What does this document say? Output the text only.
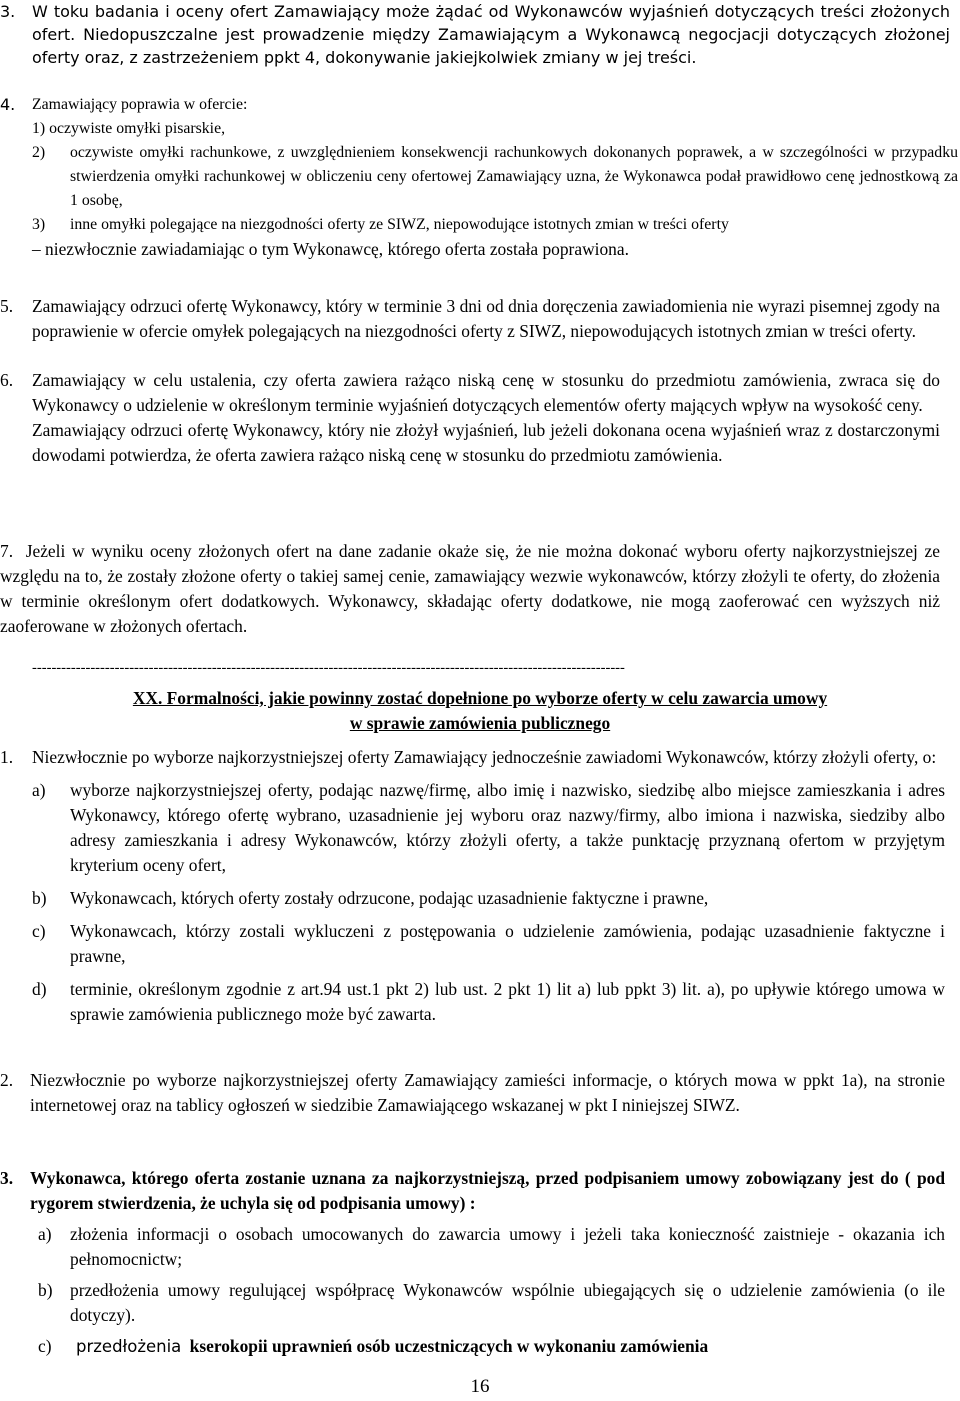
3. W toku badania i oceny ofert Zamawiający może żądać od Wykonawców wyjaśnień dotyczących treści złożonych ofert. Niedopuszczalne jest prowadzenie między Zamawiającym a Wykonawcą negocjacji dotyczących złożonej oferty oraz, z zastrzeżeniem ppkt 4, dokonywanie jakiejkolwiek zmiany w jej treści.
4. Zamawiający poprawia w ofercie:
1) oczywiste omyłki pisarskie,
2) oczywiste omyłki rachunkowe, z uwzględnieniem konsekwencji rachunkowych dokonanych poprawek, a w szczególności w przypadku stwierdzenia omyłki rachunkowej w obliczeniu ceny ofertowej Zamawiający uzna, że Wykonawca podał prawidłowo cenę jednostkową za 1 osobę,
3) inne omyłki polegające na niezgodności oferty ze SIWZ, niepowodujące istotnych zmian w treści oferty
– niezwłocznie zawiadamiając o tym Wykonawcę, którego oferta została poprawiona.
5. Zamawiający odrzuci ofertę Wykonawcy, który w terminie 3 dni od dnia doręczenia zawiadomienia nie wyrazi pisemnej zgody na poprawienie w ofercie omyłek polegających na niezgodności oferty z SIWZ, niepowodujących istotnych zmian w treści oferty.
6. Zamawiający w celu ustalenia, czy oferta zawiera rażąco niską cenę w stosunku do przedmiotu zamówienia, zwraca się do Wykonawcy o udzielenie w określonym terminie wyjaśnień dotyczących elementów oferty mających wpływ na wysokość ceny.
Zamawiający odrzuci ofertę Wykonawcy, który nie złożył wyjaśnień, lub jeżeli dokonana ocena wyjaśnień wraz z dostarczonymi dowodami potwierdza, że oferta zawiera rażąco niską cenę w stosunku do przedmiotu zamówienia.
7. Jeżeli w wyniku oceny złożonych ofert na dane zadanie okaże się, że nie można dokonać wyboru oferty najkorzystniejszej ze względu na to, że zostały złożone oferty o takiej samej cenie, zamawiający wezwie wykonawców, którzy złożyli te oferty, do złożenia w terminie określonym ofert dodatkowych. Wykonawcy, składając oferty dodatkowe, nie mogą zaoferować cen wyższych niż zaoferowane w złożonych ofertach.
--------------------------------------------------------------------------------------------------------------------------
XX. Formalności, jakie powinny zostać dopełnione po wyborze oferty w celu zawarcia umowy
w sprawie zamówienia publicznego
1. Niezwłocznie po wyborze najkorzystniejszej oferty Zamawiający jednocześnie zawiadomi Wykonawców, którzy złożyli oferty, o:
a) wyborze najkorzystniejszej oferty, podając nazwę/firmę, albo imię i nazwisko, siedzibę albo miejsce zamieszkania i adres Wykonawcy, którego ofertę wybrano, uzasadnienie jej wyboru oraz nazwy/firmy, albo imiona i nazwiska, siedziby albo adresy zamieszkania i adresy Wykonawców, którzy złożyli oferty, a także punktację przyznaną ofertom w przyjętym kryterium oceny ofert,
b) Wykonawcach, których oferty zostały odrzucone, podając uzasadnienie faktyczne i prawne,
c) Wykonawcach, którzy zostali wykluczeni z postępowania o udzielenie zamówienia, podając uzasadnienie faktyczne i prawne,
d) terminie, określonym zgodnie z art.94 ust.1 pkt 2) lub ust. 2 pkt 1) lit a) lub ppkt 3) lit. a), po upływie którego umowa w sprawie zamówienia publicznego może być zawarta.
2. Niezwłocznie po wyborze najkorzystniejszej oferty Zamawiający zamieści informacje, o których mowa w ppkt 1a), na stronie internetowej oraz na tablicy ogłoszeń w siedzibie Zamawiającego wskazanej w pkt I niniejszej SIWZ.
3. Wykonawca, którego oferta zostanie uznana za najkorzystniejszą, przed podpisaniem umowy zobowiązany jest do ( pod rygorem stwierdzenia, że uchyla się od podpisania umowy) :
a) złożenia informacji o osobach umocowanych do zawarcia umowy i jeżeli taka konieczność zaistnieje - okazania ich pełnomocnictw;
b) przedłożenia umowy regulującej współpracę Wykonawców wspólnie ubiegających się o udzielenie zamówienia (o ile dotyczy).
c) przedłożenia kserokopii uprawnień osób uczestniczących w wykonaniu zamówienia
16
